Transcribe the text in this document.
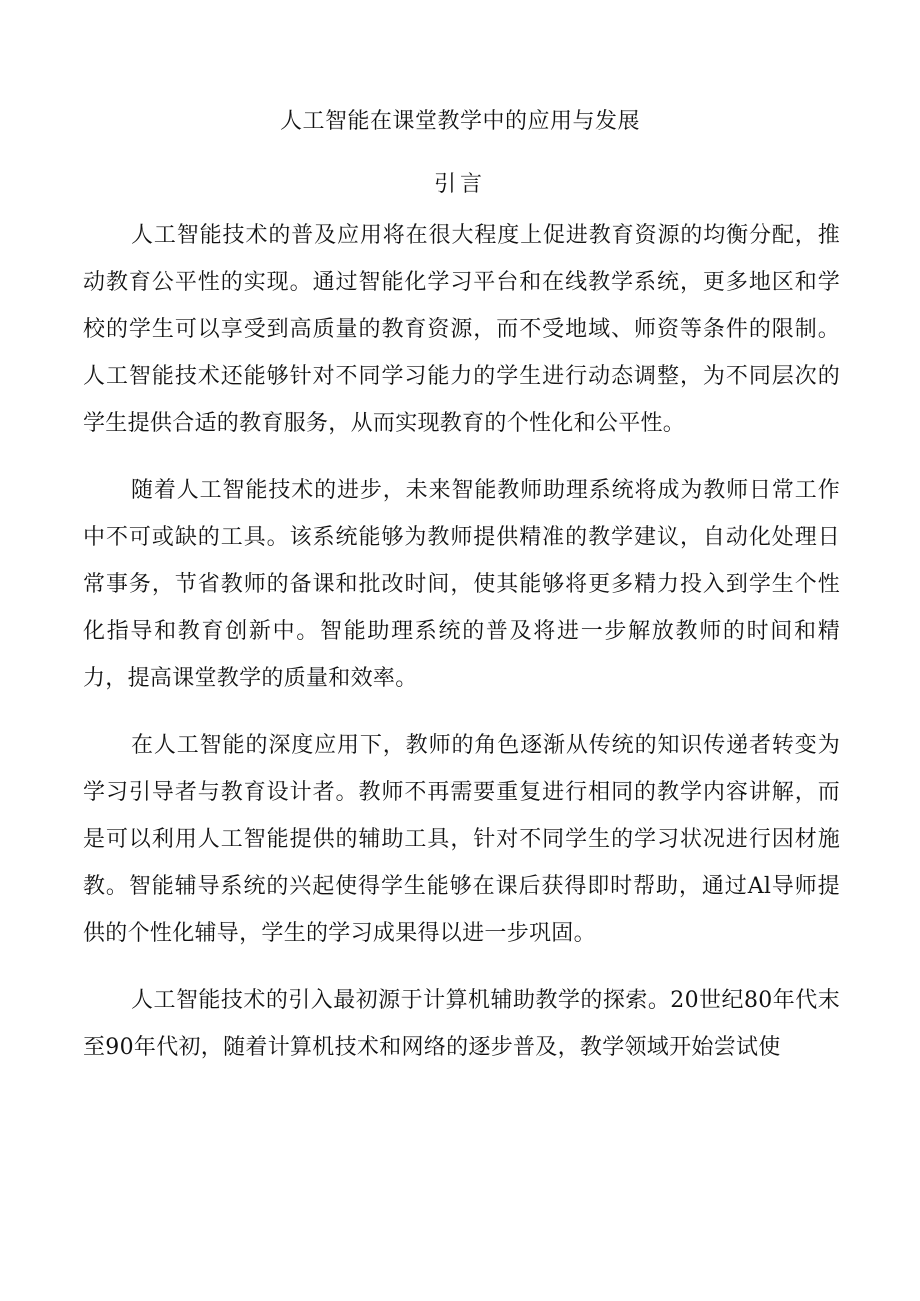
人工智能在课堂教学中的应用与发展
引言

人工智能技术的普及应用将在很大程度上促进教育资源的均衡分配，推动教育公平性的实现。通过智能化学习平台和在线教学系统，更多地区和学校的学生可以享受到高质量的教育资源，而不受地域、师资等条件的限制。人工智能技术还能够针对不同学习能力的学生进行动态调整，为不同层次的学生提供合适的教育服务，从而实现教育的个性化和公平性。

随着人工智能技术的进步，未来智能教师助理系统将成为教师日常工作中不可或缺的工具。该系统能够为教师提供精准的教学建议，自动化处理日常事务，节省教师的备课和批改时间，使其能够将更多精力投入到学生个性化指导和教育创新中。智能助理系统的普及将进一步解放教师的时间和精力，提高课堂教学的质量和效率。

在人工智能的深度应用下，教师的角色逐渐从传统的知识传递者转变为学习引导者与教育设计者。教师不再需要重复进行相同的教学内容讲解，而是可以利用人工智能提供的辅助工具，针对不同学生的学习状况进行因材施教。智能辅导系统的兴起使得学生能够在课后获得即时帮助，通过Al导师提供的个性化辅导，学生的学习成果得以进一步巩固。

人工智能技术的引入最初源于计算机辅助教学的探索。20世纪80年代末至90年代初，随着计算机技术和网络的逐步普及，教学领域开始尝试使
